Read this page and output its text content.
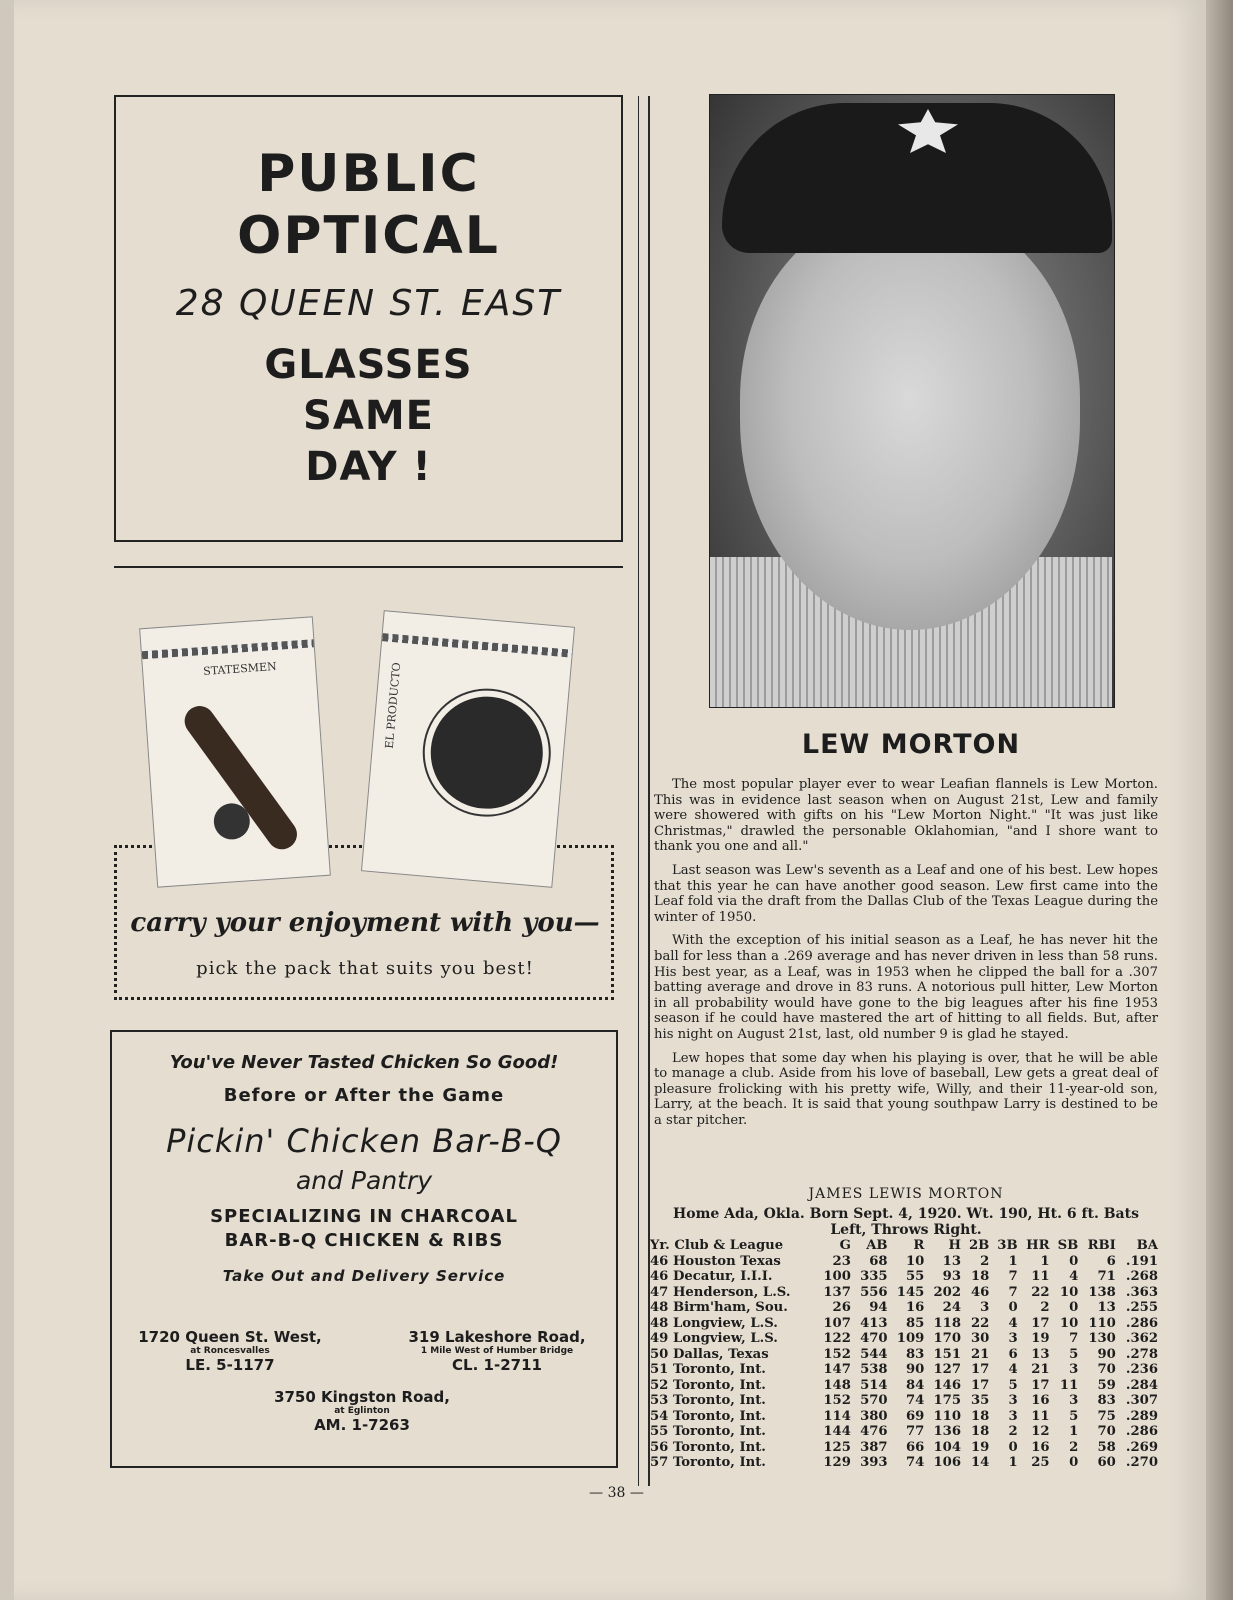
PUBLIC
OPTICAL
28 QUEEN ST. EAST
GLASSES
SAME
DAY !
STATESMEN	EL PRODUCTO
carry your enjoyment with you—
pick the pack that suits you best!
You've Never Tasted Chicken So Good!
Before or After the Game
Pickin' Chicken Bar-B-Q
and Pantry
SPECIALIZING IN CHARCOAL
BAR-B-Q CHICKEN & RIBS
Take Out and Delivery Service
1720 Queen St. West,
at Roncesvalles
LE. 5-1177
319 Lakeshore Road,
1 Mile West of Humber Bridge
CL. 1-2711
3750 Kingston Road,
at Eglinton
AM. 1-7263
LEW MORTON

The most popular player ever to wear Leafian flannels is Lew Morton. This was in evidence last season when on August 21st, Lew and family were showered with gifts on his "Lew Morton Night." "It was just like Christmas," drawled the personable Oklahomian, "and I shore want to thank you one and all."

Last season was Lew's seventh as a Leaf and one of his best. Lew hopes that this year he can have another good season. Lew first came into the Leaf fold via the draft from the Dallas Club of the Texas League during the winter of 1950.

With the exception of his initial season as a Leaf, he has never hit the ball for less than a .269 average and has never driven in less than 58 runs. His best year, as a Leaf, was in 1953 when he clipped the ball for a .307 batting average and drove in 83 runs. A notorious pull hitter, Lew Morton in all probability would have gone to the big leagues after his fine 1953 season if he could have mastered the art of hitting to all fields. But, after his night on August 21st, last, old number 9 is glad he stayed.

Lew hopes that some day when his playing is over, that he will be able to manage a club. Aside from his love of baseball, Lew gets a great deal of pleasure frolicking with his pretty wife, Willy, and their 11-year-old son, Larry, at the beach. It is said that young southpaw Larry is destined to be a star pitcher.

JAMES LEWIS MORTON
Home Ada, Okla. Born Sept. 4, 1920. Wt. 190, Ht. 6 ft. Bats Left, Throws Right.
Yr. Club & League	G	AB	R	H	2B	3B	HR	SB	RBI	BA
46 Houston Texas	23	68	10	13	2	1	1	0	6	.191
46 Decatur, I.I.I.	100	335	55	93	18	7	11	4	71	.268
47 Henderson, L.S.	137	556	145	202	46	7	22	10	138	.363
48 Birm'ham, Sou.	26	94	16	24	3	0	2	0	13	.255
48 Longview, L.S.	107	413	85	118	22	4	17	10	110	.286
49 Longview, L.S.	122	470	109	170	30	3	19	7	130	.362
50 Dallas, Texas	152	544	83	151	21	6	13	5	90	.278
51 Toronto, Int.	147	538	90	127	17	4	21	3	70	.236
52 Toronto, Int.	148	514	84	146	17	5	17	11	59	.284
53 Toronto, Int.	152	570	74	175	35	3	16	3	83	.307
54 Toronto, Int.	114	380	69	110	18	3	11	5	75	.289
55 Toronto, Int.	144	476	77	136	18	2	12	1	70	.286
56 Toronto, Int.	125	387	66	104	19	0	16	2	58	.269
57 Toronto, Int.	129	393	74	106	14	1	25	0	60	.270
— 38 —
